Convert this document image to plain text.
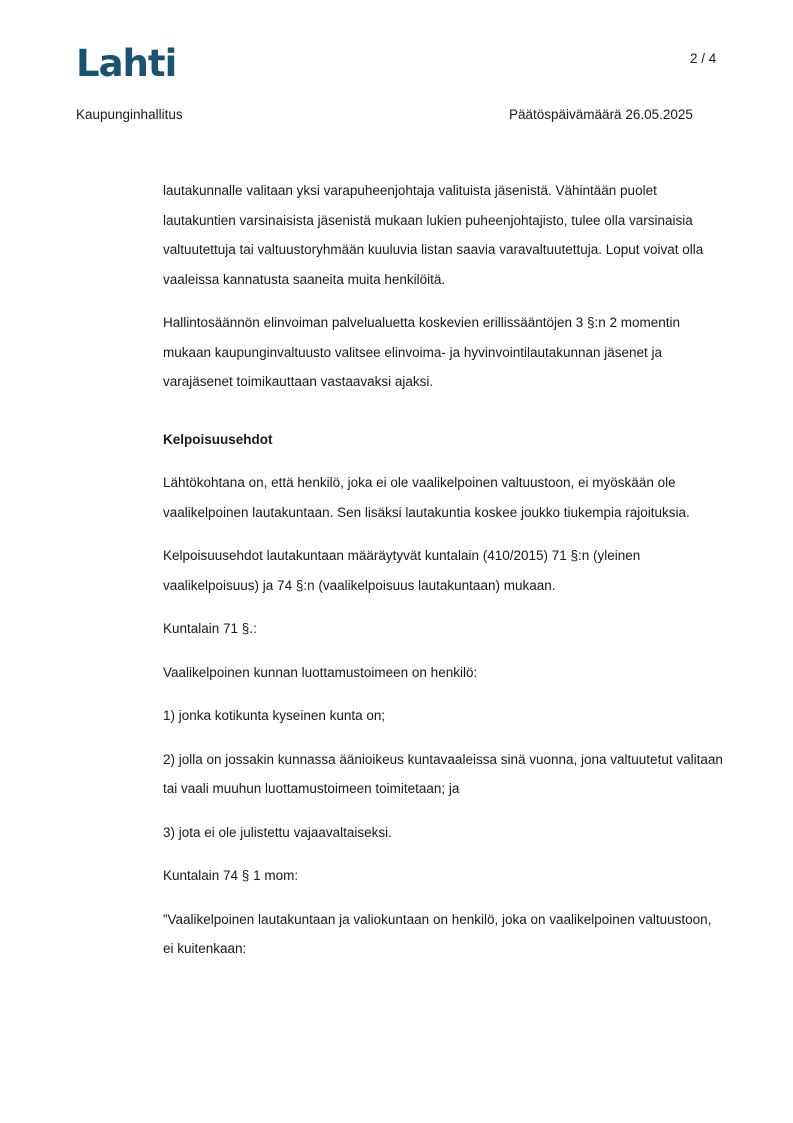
Lahti	2 / 4
Kaupunginhallitus	Päätöspäivämäärä 26.05.2025

lautakunnalle valitaan yksi varapuheenjohtaja valituista jäsenistä. Vähintään puolet lautakuntien varsinaisista jäsenistä mukaan lukien puheenjohtajisto, tulee olla varsinaisia valtuutettuja tai valtuustoryhmään kuuluvia listan saavia varavaltuutettuja. Loput voivat olla vaaleissa kannatusta saaneita muita henkilöitä.

Hallintosäännön elinvoiman palvelualuetta koskevien erillissääntöjen 3 §:n 2 momentin mukaan kaupunginvaltuusto valitsee elinvoima- ja hyvinvointilautakunnan jäsenet ja varajäsenet toimikauttaan vastaavaksi ajaksi.

Kelpoisuusehdot

Lähtökohtana on, että henkilö, joka ei ole vaalikelpoinen valtuustoon, ei myöskään ole vaalikelpoinen lautakuntaan. Sen lisäksi lautakuntia koskee joukko tiukempia rajoituksia.

Kelpoisuusehdot lautakuntaan määräytyvät kuntalain (410/2015) 71 §:n (yleinen vaalikelpoisuus) ja 74 §:n (vaalikelpoisuus lautakuntaan) mukaan.

Kuntalain 71 §.:

Vaalikelpoinen kunnan luottamustoimeen on henkilö:

1) jonka kotikunta kyseinen kunta on;

2) jolla on jossakin kunnassa äänioikeus kuntavaaleissa sinä vuonna, jona valtuutetut valitaan tai vaali muuhun luottamustoimeen toimitetaan; ja

3) jota ei ole julistettu vajaavaltaiseksi.

Kuntalain 74 § 1 mom:

”Vaalikelpoinen lautakuntaan ja valiokuntaan on henkilö, joka on vaalikelpoinen valtuustoon, ei kuitenkaan:
